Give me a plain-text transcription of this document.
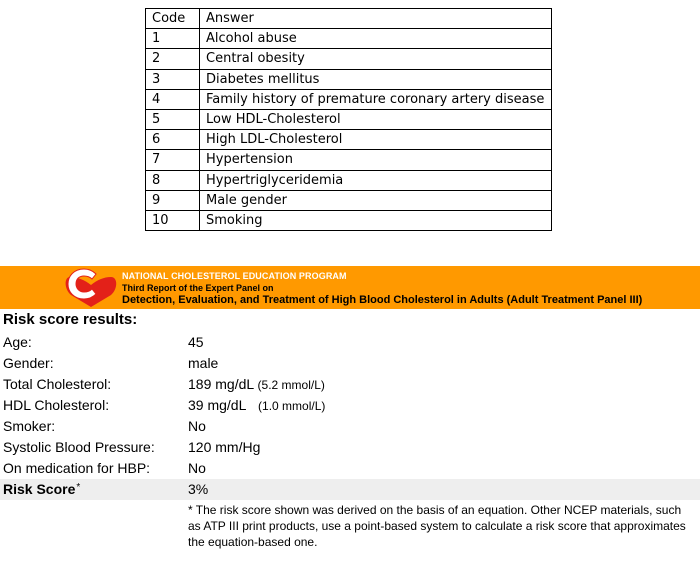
Code	Answer
1	Alcohol abuse
2	Central obesity
3	Diabetes mellitus
4	Family history of premature coronary artery disease
5	Low HDL-Cholesterol
6	High LDL-Cholesterol
7	Hypertension
8	Hypertriglyceridemia
9	Male gender
10	Smoking
NATIONAL CHOLESTEROL EDUCATION PROGRAM
Third Report of the Expert Panel on
Detection, Evaluation, and Treatment of High Blood Cholesterol in Adults (Adult Treatment Panel III)
Risk score results:
Age:	45
Gender:	male
Total Cholesterol:	189 mg/dL (5.2 mmol/L)
HDL Cholesterol:	39 mg/dL (1.0 mmol/L)
Smoker:	No
Systolic Blood Pressure: 120 mm/Hg
On medication for HBP:	No
Risk Score*	3%
* The risk score shown was derived on the basis of an equation. Other NCEP materials, such as ATP III print products, use a point-based system to calculate a risk score that approximates the equation-based one.
